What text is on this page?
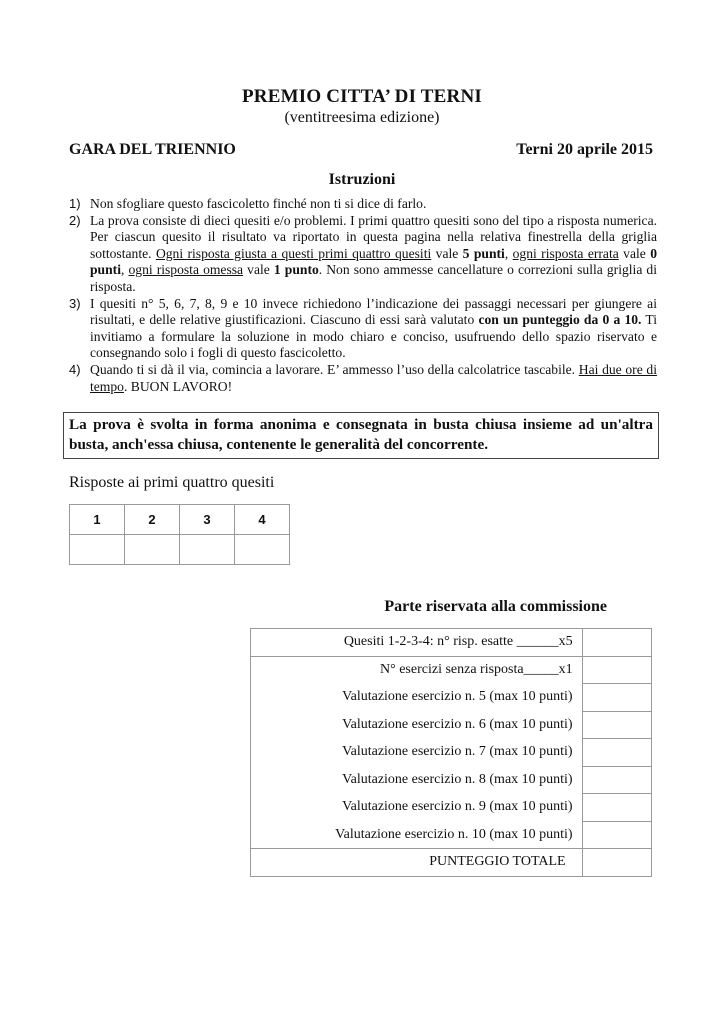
PREMIO CITTA’ DI TERNI
(ventitreesima edizione)
GARA DEL TRIENNIO	Terni 20 aprile 2015
Istruzioni
1) Non sfogliare questo fascicoletto finché non ti si dice di farlo.
2) La prova consiste di dieci quesiti e/o problemi. I primi quattro quesiti sono del tipo a risposta numerica. Per ciascun quesito il risultato va riportato in questa pagina nella relativa finestrella della griglia sottostante. Ogni risposta giusta a questi primi quattro quesiti vale 5 punti, ogni risposta errata vale 0 punti, ogni risposta omessa vale 1 punto. Non sono ammesse cancellature o correzioni sulla griglia di risposta.
3) I quesiti n° 5, 6, 7, 8, 9 e 10 invece richiedono l’indicazione dei passaggi necessari per giungere ai risultati, e delle relative giustificazioni. Ciascuno di essi sarà valutato con un punteggio da 0 a 10. Ti invitiamo a formulare la soluzione in modo chiaro e conciso, usufruendo dello spazio riservato e consegnando solo i fogli di questo fascicoletto.
4) Quando ti si dà il via, comincia a lavorare. E’ ammesso l’uso della calcolatrice tascabile. Hai due ore di tempo. BUON LAVORO!
La prova è svolta in forma anonima e consegnata in busta chiusa insieme ad un'altra busta, anch'essa chiusa, contenente le generalità del concorrente.
Risposte ai primi quattro quesiti
1	2	3	4

Parte riservata alla commissione
Quesiti 1-2-3-4: n° risp. esatte ______x5	
N° esercizi senza risposta_____x1	
Valutazione esercizio n. 5 (max 10 punti)	
Valutazione esercizio n. 6 (max 10 punti)	
Valutazione esercizio n. 7 (max 10 punti)	
Valutazione esercizio n. 8 (max 10 punti)	
Valutazione esercizio n. 9 (max 10 punti)	
Valutazione esercizio n. 10 (max 10 punti)	
PUNTEGGIO TOTALE	
